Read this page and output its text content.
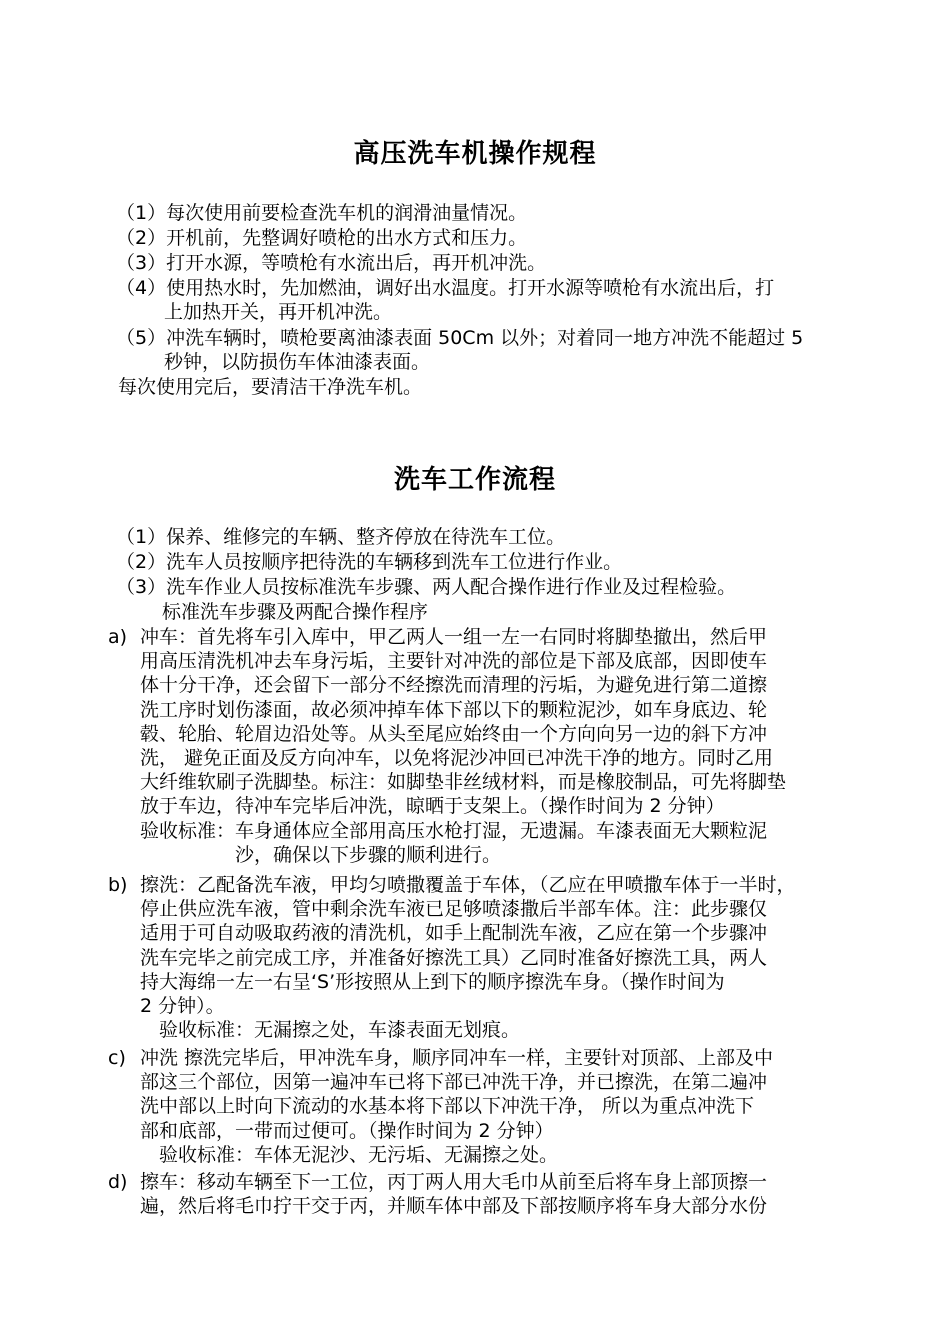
高压洗车机操作规程
（1）每次使用前要检查洗车机的润滑油量情况。
（2）开机前，先整调好喷枪的出水方式和压力。
（3）打开水源，等喷枪有水流出后，再开机冲洗。
（4）使用热水时，先加燃油，调好出水温度。打开水源等喷枪有水流出后，打
上加热开关，再开机冲洗。
（5）冲洗车辆时，喷枪要离油漆表面 50Cm 以外；对着同一地方冲洗不能超过 5
秒钟，以防损伤车体油漆表面。
每次使用完后，要清洁干净洗车机。
洗车工作流程
（1）保养、维修完的车辆、整齐停放在待洗车工位。
（2）洗车人员按顺序把待洗的车辆移到洗车工位进行作业。
（3）洗车作业人员按标准洗车步骤、两人配合操作进行作业及过程检验。
标准洗车步骤及两配合操作程序
a) 冲车：首先将车引入库中，甲乙两人一组一左一右同时将脚垫撤出，然后甲
用高压清洗机冲去车身污垢，主要针对冲洗的部位是下部及底部，因即使车
体十分干净，还会留下一部分不经擦洗而清理的污垢，为避免进行第二道擦
洗工序时划伤漆面，故必须冲掉车体下部以下的颗粒泥沙，如车身底边、轮
毂、轮胎、轮眉边沿处等。从头至尾应始终由一个方向向另一边的斜下方冲
洗， 避免正面及反方向冲车，以免将泥沙冲回已冲洗干净的地方。同时乙用
大纤维软刷子洗脚垫。标注：如脚垫非丝绒材料，而是橡胶制品，可先将脚垫
放于车边，待冲车完毕后冲洗，晾晒于支架上。（操作时间为 2 分钟）
验收标准：车身通体应全部用高压水枪打湿，无遗漏。车漆表面无大颗粒泥
　　　　　沙，确保以下步骤的顺利进行。
b) 擦洗：乙配备洗车液，甲均匀喷撒覆盖于车体，（乙应在甲喷撒车体于一半时，
停止供应洗车液，管中剩余洗车液已足够喷漆撒后半部车体。注：此步骤仅
适用于可自动吸取药液的清洗机，如手上配制洗车液，乙应在第一个步骤冲
洗车完毕之前完成工序，并准备好擦洗工具）乙同时准备好擦洗工具，两人
持大海绵一左一右呈‘S’形按照从上到下的顺序擦洗车身。（操作时间为
2 分钟）。
　验收标准：无漏擦之处，车漆表面无划痕。
c) 冲洗 擦洗完毕后，甲冲洗车身，顺序同冲车一样，主要针对顶部、上部及中
部这三个部位，因第一遍冲车已将下部已冲洗干净，并已擦洗，在第二遍冲
洗中部以上时向下流动的水基本将下部以下冲洗干净， 所以为重点冲洗下
部和底部，一带而过便可。（操作时间为 2 分钟）
　验收标准：车体无泥沙、无污垢、无漏擦之处。
d) 擦车：移动车辆至下一工位，丙丁两人用大毛巾从前至后将车身上部顶擦一
遍，然后将毛巾拧干交于丙，并顺车体中部及下部按顺序将车身大部分水份
